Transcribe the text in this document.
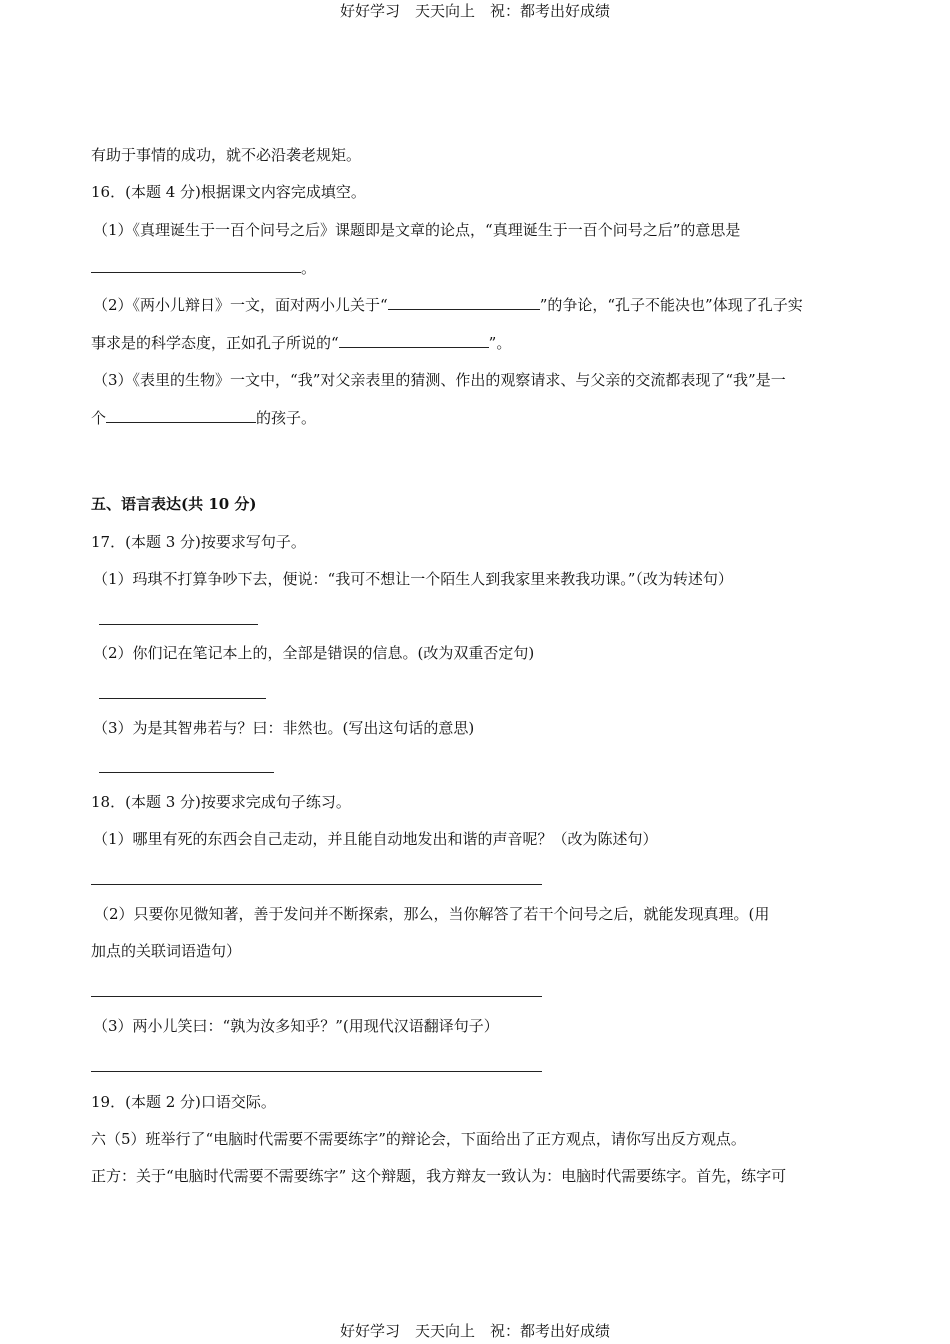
好好学习　天天向上　祝：都考出好成绩
有助于事情的成功，就不必沿袭老规矩。
16．(本题 4 分)根据课文内容完成填空。
（1）《真理诞生于一百个问号之后》课题即是文章的论点，“真理诞生于一百个问号之后”的意思是
。
（2）《两小儿辩日》一文，面对两小儿关于“	”的争论，“孔子不能决也”体现了孔子实
事求是的科学态度，正如孔子所说的“	”。
（3）《表里的生物》一文中，“我”对父亲表里的猜测、作出的观察请求、与父亲的交流都表现了“我”是一
个	的孩子。
五、语言表达(共 10 分)
17．(本题 3 分)按要求写句子。
（1）玛琪不打算争吵下去，便说：“我可不想让一个陌生人到我家里来教我功课。”（改为转述句）
（2）你们记在笔记本上的，全部是错误的信息。(改为双重否定句)
（3）为是其智弗若与？曰：非然也。(写出这句话的意思)
18．(本题 3 分)按要求完成句子练习。
（1）哪里有死的东西会自己走动，并且能自动地发出和谐的声音呢？（改为陈述句）
（2）只要你见微知著，善于发问并不断探索，那么，当你解答了若干个问号之后，就能发现真理。(用
加点的关联词语造句）
（3）两小儿笑曰：“孰为汝多知乎？”(用现代汉语翻译句子）
19．(本题 2 分)口语交际。
六（5）班举行了“电脑时代需要不需要练字”的辩论会，下面给出了正方观点，请你写出反方观点。
正方：关于“电脑时代需要不需要练字” 这个辩题，我方辩友一致认为：电脑时代需要练字。首先，练字可
好好学习　天天向上　祝：都考出好成绩
